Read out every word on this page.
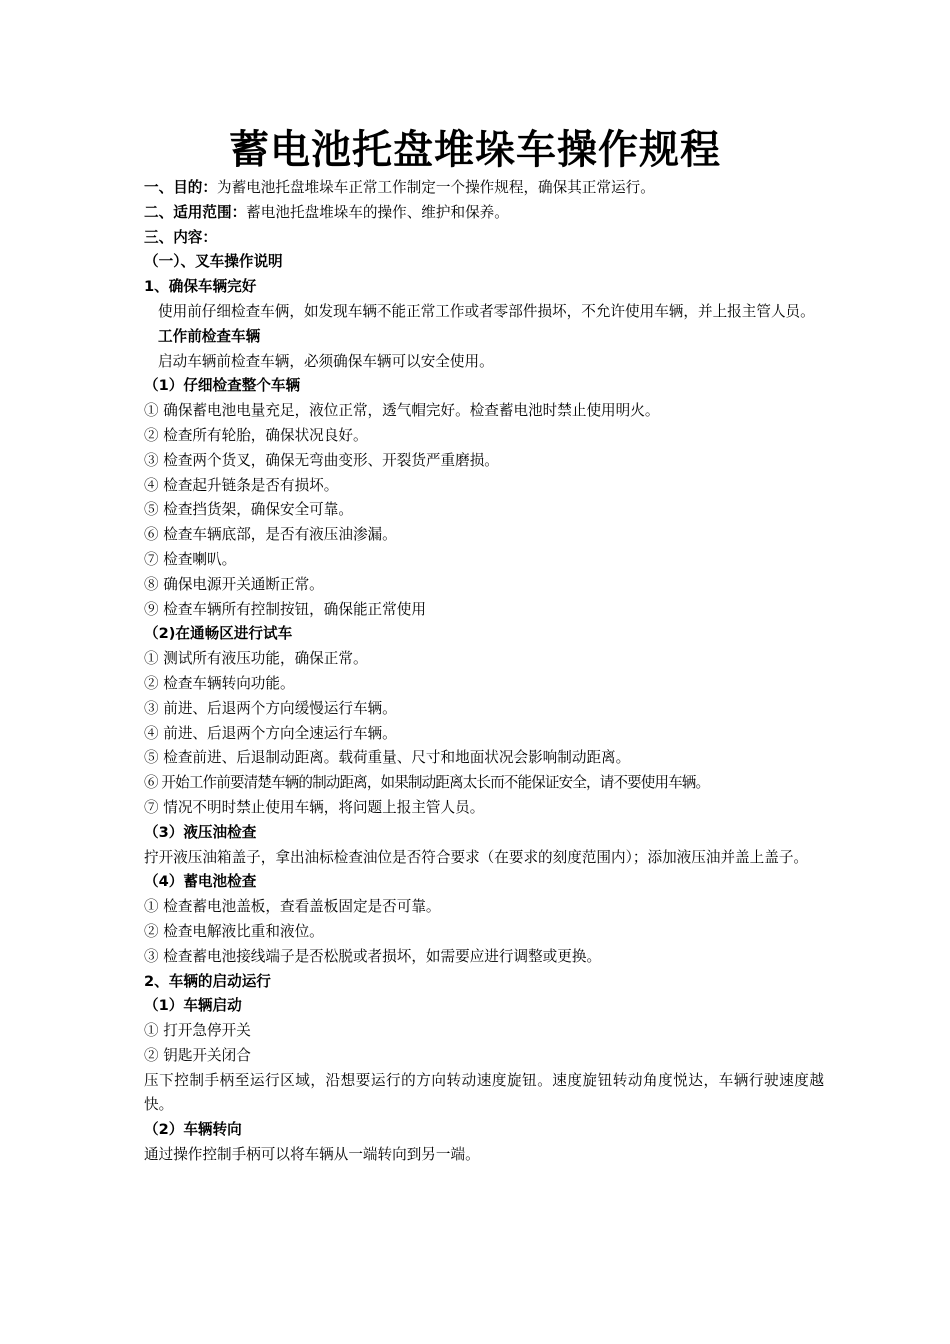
蓄电池托盘堆垛车操作规程
一、目的：为蓄电池托盘堆垛车正常工作制定一个操作规程，确保其正常运行。
二、适用范围：蓄电池托盘堆垛车的操作、维护和保养。
三、内容：
（一）、叉车操作说明
1、确保车辆完好
使用前仔细检查车俩，如发现车辆不能正常工作或者零部件损坏，不允许使用车辆，并上报主管人员。
工作前检查车辆
启动车辆前检查车辆，必须确保车辆可以安全使用。
（1）仔细检查整个车辆
① 确保蓄电池电量充足，液位正常，透气帽完好。检查蓄电池时禁止使用明火。
② 检查所有轮胎，确保状况良好。
③ 检查两个货叉，确保无弯曲变形、开裂货严重磨损。
④ 检查起升链条是否有损坏。
⑤ 检查挡货架，确保安全可靠。
⑥ 检查车辆底部，是否有液压油渗漏。
⑦ 检查喇叭。
⑧ 确保电源开关通断正常。
⑨ 检查车辆所有控制按钮，确保能正常使用
（2)在通畅区进行试车
① 测试所有液压功能，确保正常。
② 检查车辆转向功能。
③ 前进、后退两个方向缓慢运行车辆。
④ 前进、后退两个方向全速运行车辆。
⑤ 检查前进、后退制动距离。载荷重量、尺寸和地面状况会影响制动距离。
⑥ 开始工作前要清楚车辆的制动距离，如果制动距离太长而不能保证安全，请不要使用车辆。
⑦ 情况不明时禁止使用车辆，将问题上报主管人员。
（3）液压油检查
拧开液压油箱盖子，拿出油标检查油位是否符合要求（在要求的刻度范围内）；添加液压油并盖上盖子。
（4）蓄电池检查
① 检查蓄电池盖板，查看盖板固定是否可靠。
② 检查电解液比重和液位。
③ 检查蓄电池接线端子是否松脱或者损坏，如需要应进行调整或更换。
2、车辆的启动运行
（1）车辆启动
① 打开急停开关
② 钥匙开关闭合
压下控制手柄至运行区域，沿想要运行的方向转动速度旋钮。速度旋钮转动角度悦达，车辆行驶速度越快。
（2）车辆转向
通过操作控制手柄可以将车辆从一端转向到另一端。
